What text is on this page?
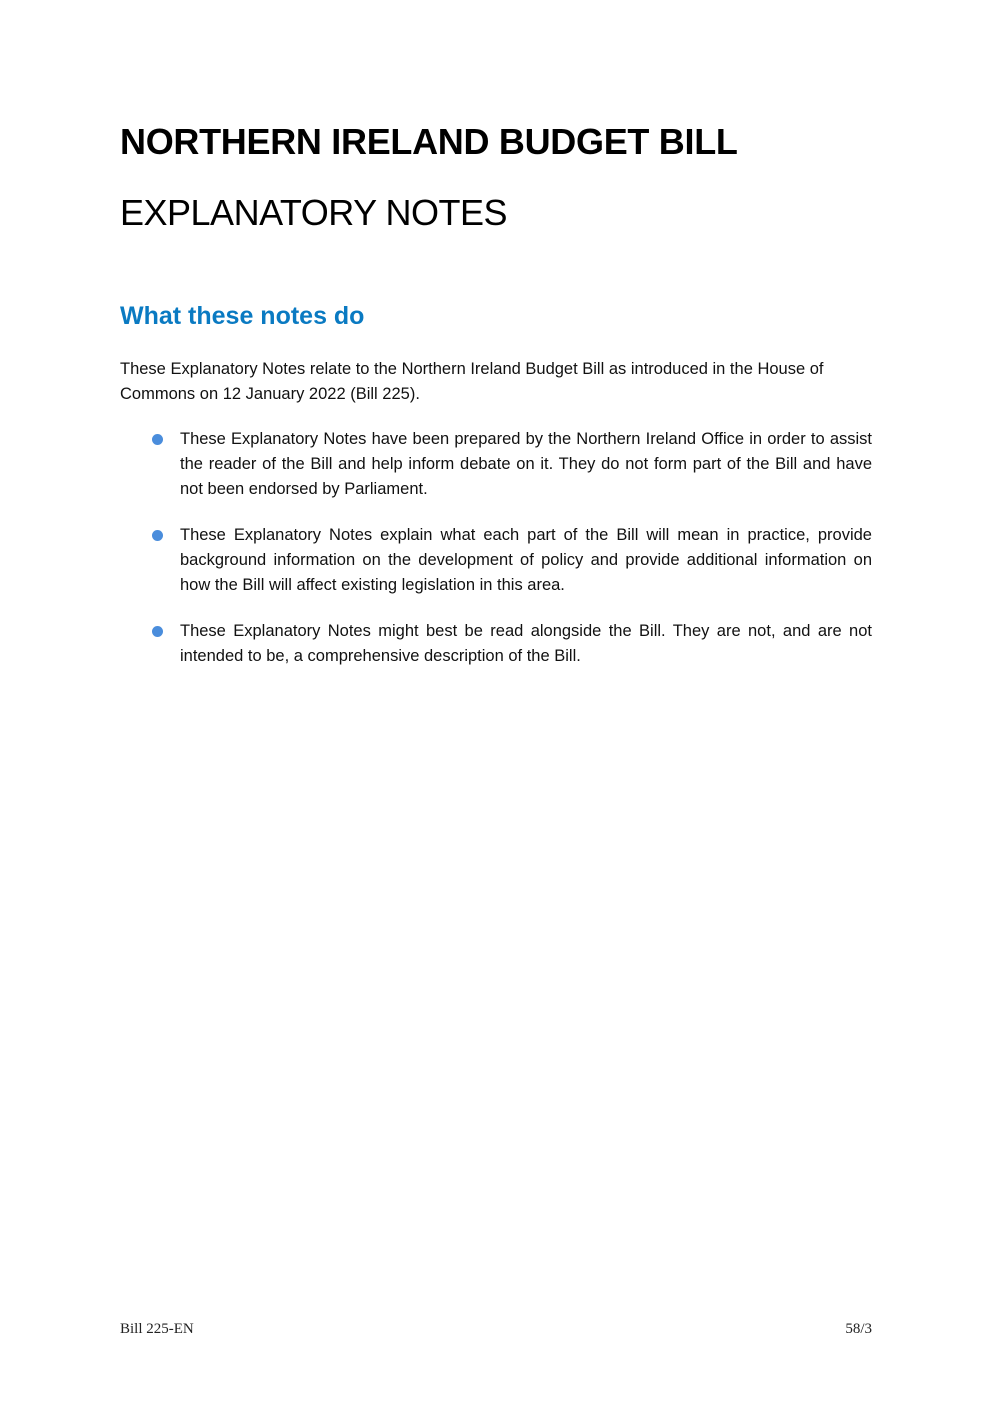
NORTHERN IRELAND BUDGET BILL
EXPLANATORY NOTES
What these notes do

These Explanatory Notes relate to the Northern Ireland Budget Bill as introduced in the House of Commons on 12 January 2022 (Bill 225).

These Explanatory Notes have been prepared by the Northern Ireland Office in order to assist the reader of the Bill and help inform debate on it. They do not form part of the Bill and have not been endorsed by Parliament.
These Explanatory Notes explain what each part of the Bill will mean in practice, provide background information on the development of policy and provide additional information on how the Bill will affect existing legislation in this area.
These Explanatory Notes might best be read alongside the Bill. They are not, and are not intended to be, a comprehensive description of the Bill.
Bill 225-EN	58/3
